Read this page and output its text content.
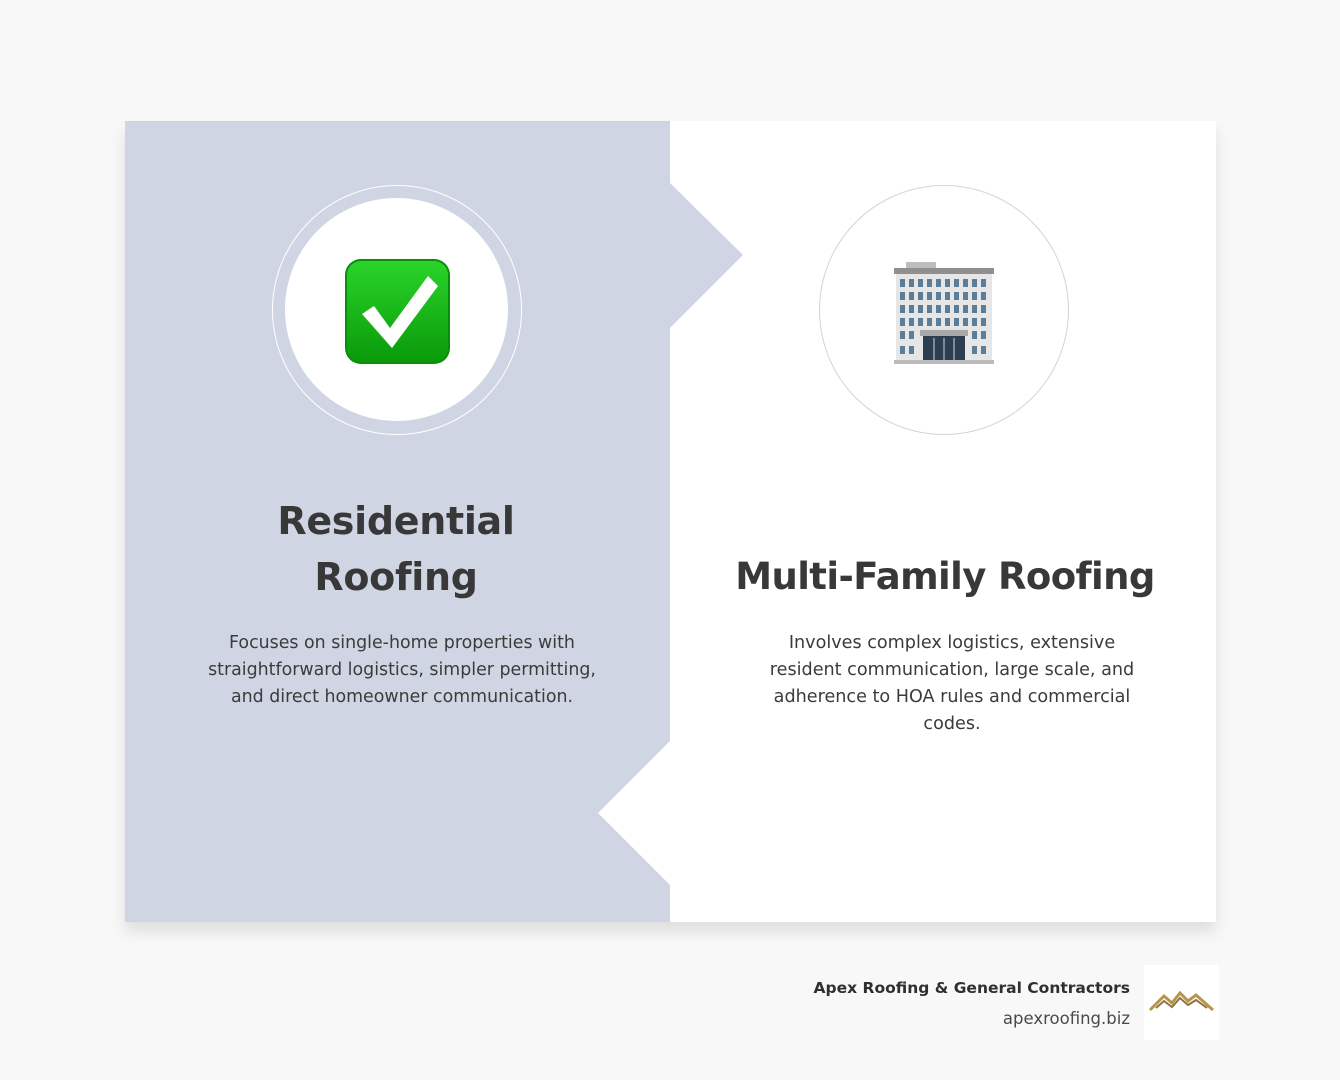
Residential Roofing

Focuses on single-home properties with straightforward logistics, simpler permitting, and direct homeowner communication.

Multi-Family Roofing

Involves complex logistics, extensive resident communication, large scale, and adherence to HOA rules and commercial codes.

Apex Roofing & General Contractors
apexroofing.biz
